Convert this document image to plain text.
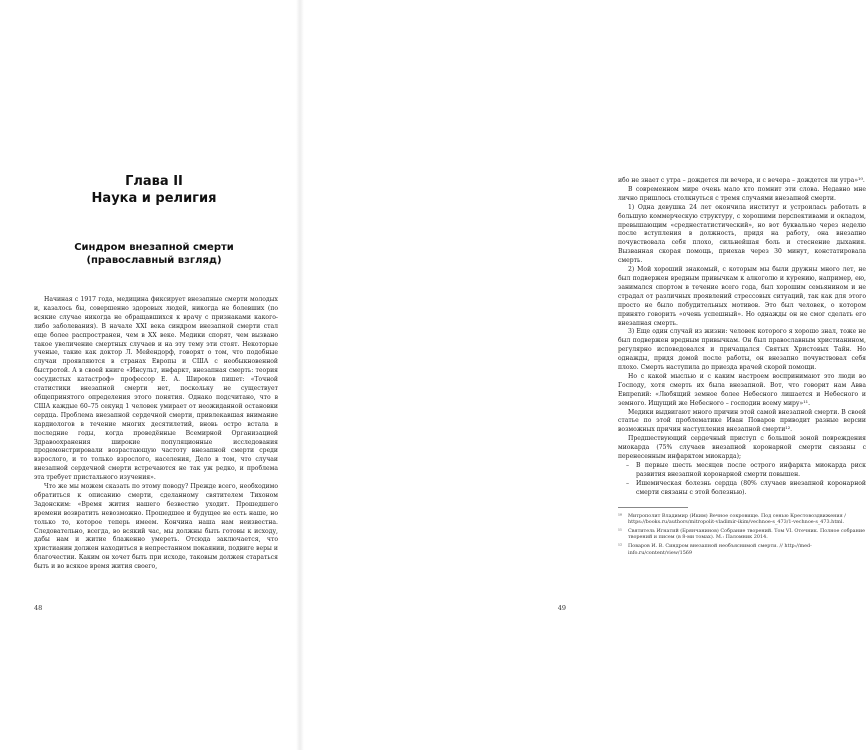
Глава II
Наука и религия
Синдром внезапной смерти
(православный взгляд)

Начиная с 1917 года, медицина фиксирует внезапные смерти молодых и, казалось бы, совершенно здоровых людей, никогда не болевших (по всякие случае никогда не обращавшихся к врачу с признаками какого-либо заболевания). В начале XXI века синдром внезапной смерти стал еще более распространен, чем в XX веке. Медики спорят, чем вызвано такое увеличение смертных случаев и на эту тему эти стоят. Некоторые ученые, такие как доктор Л. Мейендорф, говорят о том, что подобные случаи проявляются в странах Европы и США с необыкновенной быстротой. А в своей книге «Инсульт, инфаркт, внезапная смерть: теория сосудистых катастроф» профессор Е. А. Широков пишет: «Точной статистики внезапной смерти нет, поскольку не существует общепринятого определения этого понятия. Однако подсчитано, что в США каждые 60–75 секунд 1 человек умирает от неожиданной остановки сердца. Проблема внезапной сердечной смерти, привлекавшая внимание кардиологов в течение многих десятилетий, вновь остро встала в последние годы, когда проведённые Всемирной Организацией Здравоохранения широкие популяционные исследования продемонстрировали возрастающую частоту внезапной смерти среди взрослого, и то только взрослого, населения, Дело в том, что случаи внезапной сердечной смерти встречаются не так уж редко, и проблема эта требует пристального изучения».

Что же мы можем сказать по этому поводу? Прежде всего, необходимо обратиться к описанию смерти, сделанному святителем Тихоном Задонским: «Время жития нашего безвестно уходит. Прошедшего времени возвратить невозможно. Прошедшее и будущее не есть наше, но только то, которое теперь имеем. Кончина наша нам неизвестна. Следовательно, всегда, во всякий час, мы должны быть готовы к исходу, дабы нам и житие блаженно умереть. Отсюда заключается, что христианин должен находиться в непрестанном покаянии, подвиге веры и благочестии. Каким он хочет быть при исходе, таковым должен стараться быть и во всякое время жития своего,

48

ибо не знает с утра – дождется ли вечера, и с вечера – дождется ли утра»¹⁰.

В современном мире очень мало кто помнит эти слова. Недавно мне лично пришлось столкнуться с тремя случаями внезапной смерти.

1) Одна девушка 24 лет окончила институт и устроилась работать в большую коммерческую структуру, с хорошими перспективами и окладом, превышающим «среднестатистический», но вот буквально через неделю после вступления в должность, придя на работу, она внезапно почувствовала себя плохо, сильнейшая боль и стеснение дыхания. Вызванная скорая помощь, приехав через 30 минут, констатировала смерть.

2) Мой хороший знакомый, с которым мы были дружны много лет, не был подвержен вредным привычкам к алкоголю и курению, например, ею, занимался спортом в течение всего года, был хорошим семьянином и не страдал от различных проявлений стрессовых ситуаций, так как для этого просто не было побудительных мотивов. Это был человек, о котором принято говорить «очень успешный». Но однажды он не смог сделать его внезапная смерть.

3) Еще один случай из жизни: человек которого я хорошо знал, тоже не был подвержен вредным привычкам. Он был православным христианином, регулярно исповедовался и причащался Святых Христовых Тайн. Но однажды, придя домой после работы, он внезапно почувствовал себя плохо. Смерть наступила до приезда врачей скорой помощи.

Но с какой мыслью и с каким настроем воспринимают это люди во Господу, хотя смерть их была внезапной. Вот, что говорит нам Авва Евпреnий: «Любящий земное более Небесного лишается и Небесного и земного. Ищущий же Небесного – господин всему миру»¹¹.

Медики выдвигают много причин этой самой внезапной смерти. В своей статье по этой проблематике Иван Поваров приводит разные версии возможных причин наступления внезапной смерти¹².

Предшествующий сердечный приступ с большой зоной повреждения миокарда (75% случаев внезапной коронарной смерти связаны с перенесенным инфарктом миокарда);

– В первые шесть месяцев после острого инфаркта миокарда риск развития внезапной коронарной смерти повышен.
– Ишемическая болезнь сердца (80% случаев внезапной коронарной смерти связаны с этой болезнью).
¹⁰ Митрополит Владимир (Иким) Вечное сокровище. Под сенью Крестовоздвижения / https://books.ru/authors/mitropolit-vladimir-ikim/vechnoe-s_473/1-vechnoe-s_473.html.
¹¹ Святитель Игнатий (Брянчанинов) Собрание творений. Том VI. Отечник. Полное собрание творений и писем (в 8-ми томах). М.: Паломник 2014.
¹² Поваров И. В. Синдром внезапной необъяснимой смерти. // http://med-info.ru/content/view/1569
49
